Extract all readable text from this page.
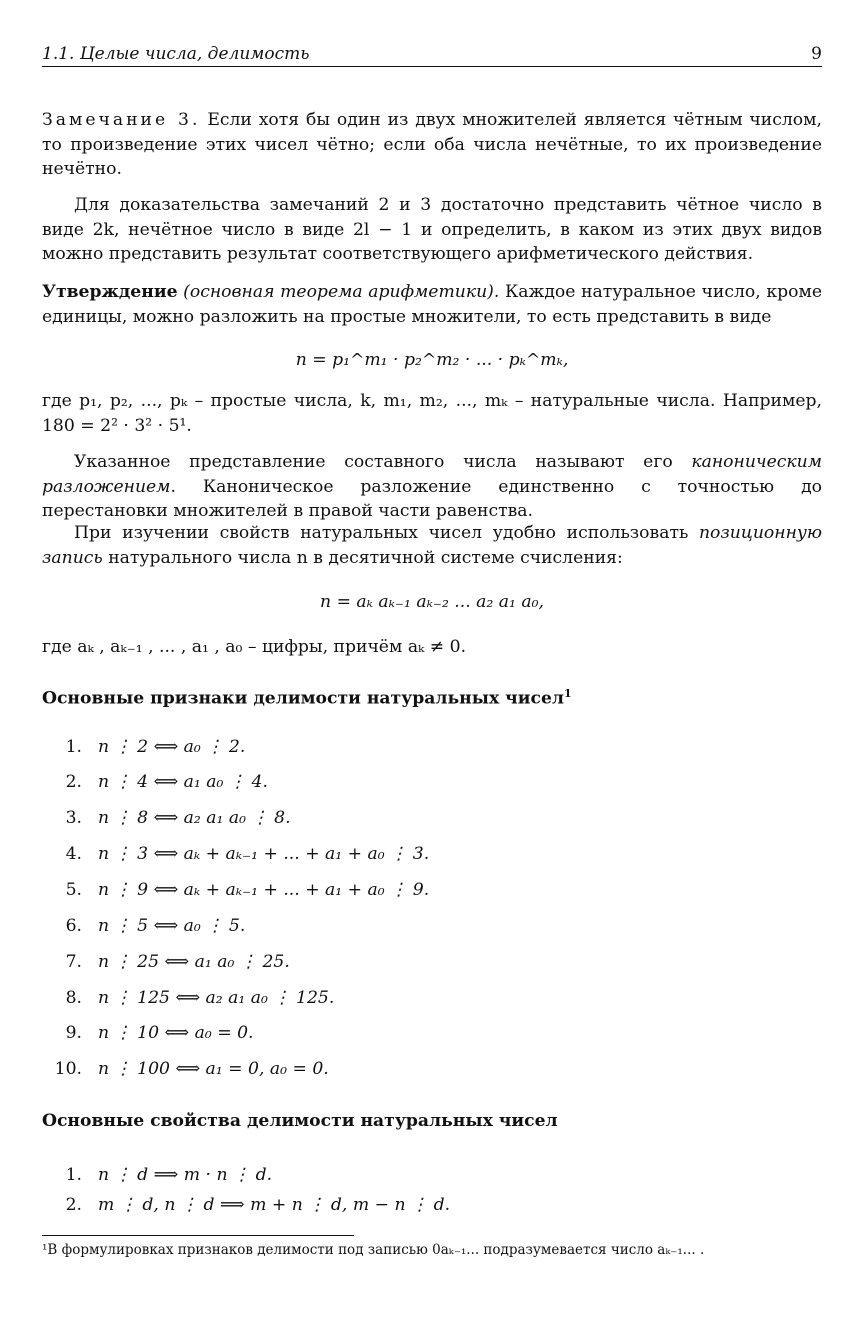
1.1. Целые числа, делимость	9
Замечание 3. Если хотя бы один из двух множителей является чётным числом, то произведение этих чисел чётно; если оба числа нечётные, то их произведение нечётно.
Для доказательства замечаний 2 и 3 достаточно представить чётное число в виде 2k, нечётное число в виде 2l − 1 и определить, в каком из этих двух видов можно представить результат соответствующего арифметического действия.
Утверждение (основная теорема арифметики). Каждое натуральное число, кроме единицы, можно разложить на простые множители, то есть представить в виде
n = p₁^m₁ · p₂^m₂ · ... · pₖ^mₖ,
где p₁, p₂, ..., pₖ – простые числа, k, m₁, m₂, ..., mₖ – натуральные числа. Например, 180 = 2² · 3² · 5¹.
Указанное представление составного числа называют его каноническим разложением. Каноническое разложение единственно с точностью до перестановки множителей в правой части равенства.
При изучении свойств натуральных чисел удобно использовать позиционную запись натурального числа n в десятичной системе счисления:
n = aₖ aₖ₋₁ aₖ₋₂ ... a₂ a₁ a₀,
где aₖ , aₖ₋₁ , ... , a₁ , a₀ – цифры, причём aₖ ≠ 0.
Основные признаки делимости натуральных чисел$^1$
1. n ⋮ 2 ⟺ a₀ ⋮ 2.
2. n ⋮ 4 ⟺ a₁ a₀ ⋮ 4.
3. n ⋮ 8 ⟺ a₂ a₁ a₀ ⋮ 8.
4. n ⋮ 3 ⟺ aₖ + aₖ₋₁ + ... + a₁ + a₀ ⋮ 3.
5. n ⋮ 9 ⟺ aₖ + aₖ₋₁ + ... + a₁ + a₀ ⋮ 9.
6. n ⋮ 5 ⟺ a₀ ⋮ 5.
7. n ⋮ 25 ⟺ a₁ a₀ ⋮ 25.
8. n ⋮ 125 ⟺ a₂ a₁ a₀ ⋮ 125.
9. n ⋮ 10 ⟺ a₀ = 0.
10. n ⋮ 100 ⟺ a₁ = 0, a₀ = 0.
Основные свойства делимости натуральных чисел
1. n ⋮ d ⟹ m · n ⋮ d.
2. m ⋮ d, n ⋮ d ⟹ m + n ⋮ d, m − n ⋮ d.
¹В формулировках признаков делимости под записью 0aₖ₋₁... подразумевается число aₖ₋₁... .
